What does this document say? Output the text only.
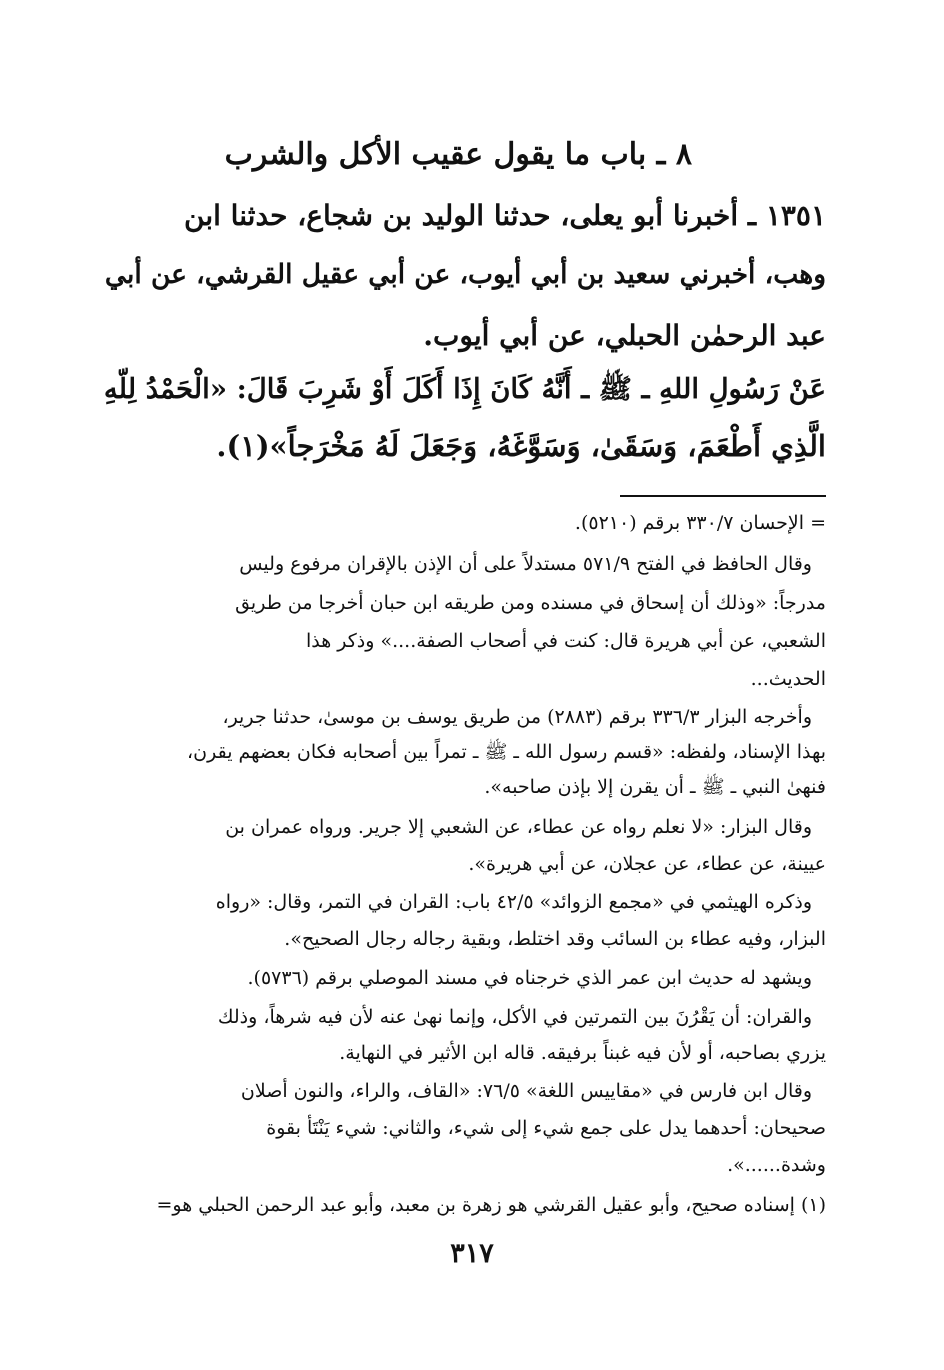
٨ ـ باب ما يقول عقيب الأكل والشرب
١٣٥١ ـ أخبرنا أبو يعلى، حدثنا الوليد بن شجاع، حدثنا ابن
وهب، أخبرني سعيد بن أبي أيوب، عن أبي عقيل القرشي، عن أبي
عبد الرحمٰن الحبلي، عن أبي أيوب.
عَنْ رَسُولِ اللهِ ـ ﷺ ـ أَنَّهُ كَانَ إِذَا أَكَلَ أَوْ شَرِبَ قَالَ: «الْحَمْدُ لِلّهِ
الَّذِي أَطْعَمَ، وَسَقَىٰ، وَسَوَّغَهُ، وَجَعَلَ لَهُ مَخْرَجاً»(١).
= الإحسان ٣٣٠/٧ برقم (٥٢١٠).
وقال الحافظ في الفتح ٥٧١/٩ مستدلاً على أن الإذن بالإقران مرفوع وليس
مدرجاً: «وذلك أن إسحاق في مسنده ومن طريقه ابن حبان أخرجا من طريق
الشعبي، عن أبي هريرة قال: كنت في أصحاب الصفة....» وذكر هذا
الحديث...
وأخرجه البزار ٣٣٦/٣ برقم (٢٨٨٣) من طريق يوسف بن موسىٰ، حدثنا جرير،
بهذا الإسناد، ولفظه: «قسم رسول الله ـ ﷺ ـ تمراً بين أصحابه فكان بعضهم يقرن،
فنهىٰ النبي ـ ﷺ ـ أن يقرن إلا بإذن صاحبه».
وقال البزار: «لا نعلم رواه عن عطاء، عن الشعبي إلا جرير. ورواه عمران بن
عيينة، عن عطاء، عن عجلان، عن أبي هريرة».
وذكره الهيثمي في «مجمع الزوائد» ٤٢/٥ باب: القران في التمر، وقال: «رواه
البزار، وفيه عطاء بن السائب وقد اختلط، وبقية رجاله رجال الصحيح».
ويشهد له حديث ابن عمر الذي خرجناه في مسند الموصلي برقم (٥٧٣٦).
والقران: أن يَقْرُنَ بين التمرتين في الأكل، وإنما نهىٰ عنه لأن فيه شرهاً، وذلك
يزري بصاحبه، أو لأن فيه غبناً برفيقه. قاله ابن الأثير في النهاية.
وقال ابن فارس في «مقاييس اللغة» ٧٦/٥: «القاف، والراء، والنون أصلان
صحيحان: أحدهما يدل على جمع شيء إلى شيء، والثاني: شيء يَنْتَأ بقوة
وشدة......».
(١) إسناده صحيح، وأبو عقيل القرشي هو زهرة بن معبد، وأبو عبد الرحمن الحبلي هو=
٣١٧
